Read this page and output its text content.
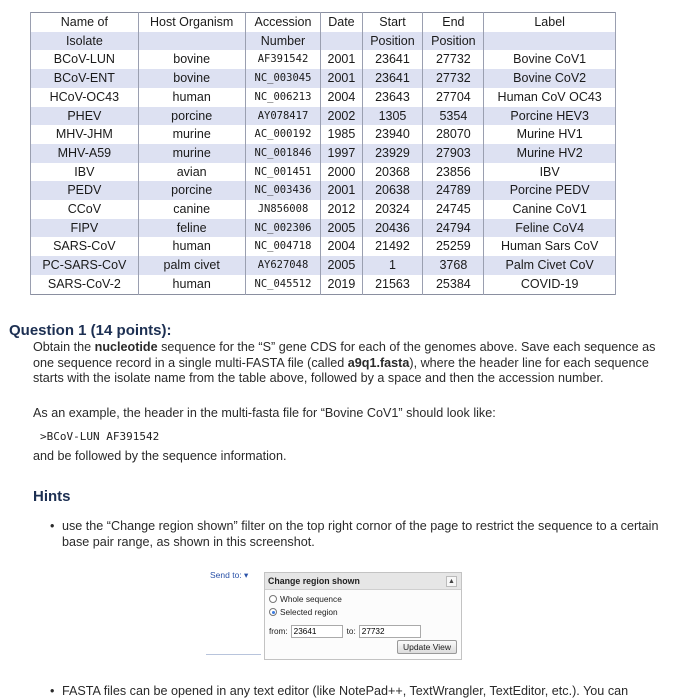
Name of	Host Organism	Accession	Date	Start	End	Label
Isolate		Number		Position	Position	
BCoV-LUN	bovine	AF391542	2001	23641	27732	Bovine CoV1
BCoV-ENT	bovine	NC_003045	2001	23641	27732	Bovine CoV2
HCoV-OC43	human	NC_006213	2004	23643	27704	Human CoV OC43
PHEV	porcine	AY078417	2002	1305	5354	Porcine HEV3
MHV-JHM	murine	AC_000192	1985	23940	28070	Murine HV1
MHV-A59	murine	NC_001846	1997	23929	27903	Murine HV2
IBV	avian	NC_001451	2000	20368	23856	IBV
PEDV	porcine	NC_003436	2001	20638	24789	Porcine PEDV
CCoV	canine	JN856008	2012	20324	24745	Canine CoV1
FIPV	feline	NC_002306	2005	20436	24794	Feline CoV4
SARS-CoV	human	NC_004718	2004	21492	25259	Human Sars CoV
PC-SARS-CoV	palm civet	AY627048	2005	1	3768	Palm Civet CoV
SARS-CoV-2	human	NC_045512	2019	21563	25384	COVID-19
Question 1 (14 points):
Obtain the nucleotide sequence for the “S” gene CDS for each of the genomes above. Save each sequence as one sequence record in a single multi-FASTA file (called a9q1.fasta), where the header line for each sequence starts with the isolate name from the table above, followed by a space and then the accession number.
As an example, the header in the multi-fasta file for “Bovine CoV1” should look like:
>BCoV-LUN AF391542
and be followed by the sequence information.
Hints
• use the “Change region shown” filter on the top right cornor of the page to restrict the sequence to a certain base pair range, as shown in this screenshot.
Send to: ▾
Change region shown	▲
Whole sequence
Selected region
from:
23641	to:
27732
Update View
• FASTA files can be opened in any text editor (like NotePad++, TextWrangler, TextEditor, etc.). You can
